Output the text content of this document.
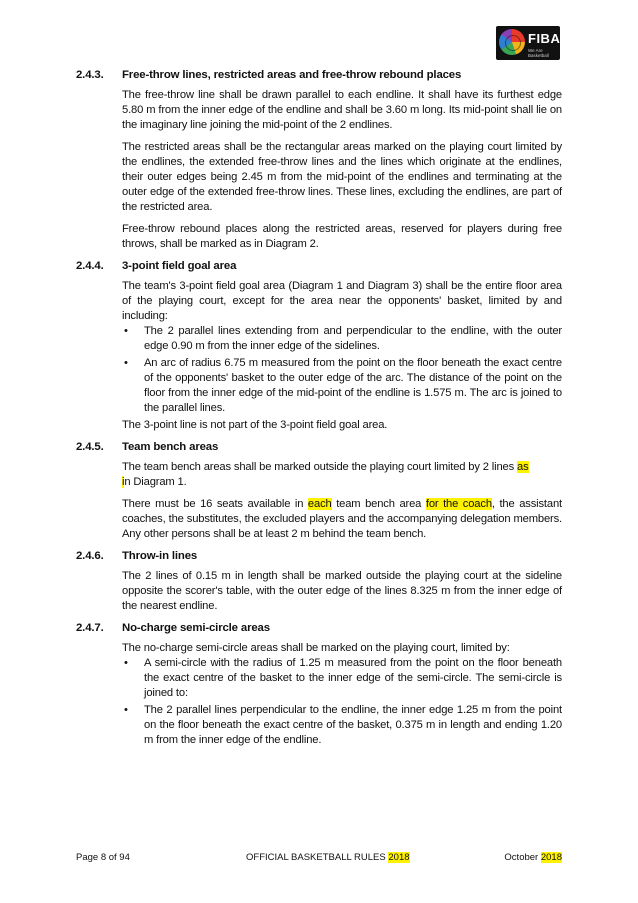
FIBA
We Are Basketball
2.4.3.	Free-throw lines, restricted areas and free-throw rebound places

The free-throw line shall be drawn parallel to each endline. It shall have its furthest edge 5.80 m from the inner edge of the endline and shall be 3.60 m long. Its mid-point shall lie on the imaginary line joining the mid-point of the 2 endlines.

The restricted areas shall be the rectangular areas marked on the playing court limited by the endlines, the extended free-throw lines and the lines which originate at the endlines, their outer edges being 2.45 m from the mid-point of the endlines and terminating at the outer edge of the extended free-throw lines. These lines, excluding the endlines, are part of the restricted area.

Free-throw rebound places along the restricted areas, reserved for players during free throws, shall be marked as in Diagram 2.

2.4.4.	3-point field goal area

The team's 3-point field goal area (Diagram 1 and Diagram 3) shall be the entire floor area of the playing court, except for the area near the opponents' basket, limited by and including:

• The 2 parallel lines extending from and perpendicular to the endline, with the outer edge 0.90 m from the inner edge of the sidelines.
• An arc of radius 6.75 m measured from the point on the floor beneath the exact centre of the opponents' basket to the outer edge of the arc. The distance of the point on the floor from the inner edge of the mid-point of the endline is 1.575 m. The arc is joined to the parallel lines.

The 3-point line is not part of the 3-point field goal area.

2.4.5.	Team bench areas

The team bench areas shall be marked outside the playing court limited by 2 lines as
in Diagram 1.

There must be 16 seats available in each team bench area for the coach, the assistant coaches, the substitutes, the excluded players and the accompanying delegation members. Any other persons shall be at least 2 m behind the team bench.

2.4.6.	Throw-in lines

The 2 lines of 0.15 m in length shall be marked outside the playing court at the sideline opposite the scorer's table, with the outer edge of the lines 8.325 m from the inner edge of the nearest endline.

2.4.7.	No-charge semi-circle areas

The no-charge semi-circle areas shall be marked on the playing court, limited by:

• A semi-circle with the radius of 1.25 m measured from the point on the floor beneath the exact centre of the basket to the inner edge of the semi-circle. The semi-circle is joined to:
• The 2 parallel lines perpendicular to the endline, the inner edge 1.25 m from the point on the floor beneath the exact centre of the basket, 0.375 m in length and ending 1.20 m from the inner edge of the endline.
Page 8 of 94	OFFICIAL BASKETBALL RULES 2018	October 2018
